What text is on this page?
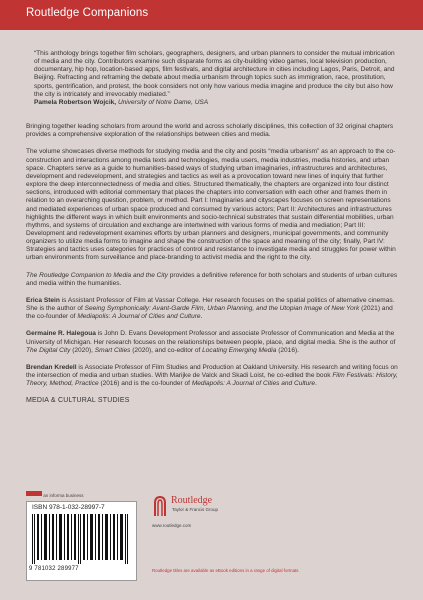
Routledge Companions

“This anthology brings together film scholars, geographers, designers, and urban planners to consider the mutual imbrication of media and the city. Contributors examine such disparate forms as city-building video games, local television production, documentary, hip hop, location-based apps, film festivals, and digital architecture in cities including Lagos, Paris, Detroit, and Beijing. Refracting and reframing the debate about media urbanism through topics such as immigration, race, prostitution, sports, gentrification, and protest, the book considers not only how various media imagine and produce the city but also how the city is intricately and irrevocably mediated.”

Pamela Robertson Wojcik, University of Notre Dame, USA

Bringing together leading scholars from around the world and across scholarly disciplines, this collection of 32 original chapters provides a comprehensive exploration of the relationships between cities and media.

The volume showcases diverse methods for studying media and the city and posits “media urbanism” as an approach to the co-construction and interactions among media texts and technologies, media users, media industries, media histories, and urban space. Chapters serve as a guide to humanities-based ways of studying urban imaginaries, infrastructures and architectures, development and redevelopment, and strategies and tactics as well as a provocation toward new lines of inquiry that further explore the deep interconnectedness of media and cities. Structured thematically, the chapters are organized into four distinct sections, introduced with editorial commentary that places the chapters into conversation with each other and frames them in relation to an overarching question, problem, or method. Part I: Imaginaries and cityscapes focuses on screen representations and mediated experiences of urban space produced and consumed by various actors; Part II: Architectures and infrastructures highlights the different ways in which built environments and socio-technical substrates that sustain differential mobilities, urban rhythms, and systems of circulation and exchange are intertwined with various forms of media and mediation; Part III: Development and redevelopment examines efforts by urban planners and designers, municipal governments, and community organizers to utilize media forms to imagine and shape the construction of the space and meaning of the city; finally, Part IV: Strategies and tactics uses categories for practices of control and resistance to investigate media and struggles for power within urban environments from surveillance and place-branding to activist media and the right to the city.

The Routledge Companion to Media and the City provides a definitive reference for both scholars and students of urban cultures and media within the humanities.

Erica Stein is Assistant Professor of Film at Vassar College. Her research focuses on the spatial politics of alternative cinemas. She is the author of Seeing Symphonically: Avant-Garde Film, Urban Planning, and the Utopian Image of New York (2021) and the co-founder of Mediapolis: A Journal of Cities and Culture.

Germaine R. Halegoua is John D. Evans Development Professor and associate Professor of Communication and Media at the University of Michigan. Her research focuses on the relationships between people, place, and digital media. She is the author of The Digital City (2020), Smart Cities (2020), and co-editor of Locating Emerging Media (2016).

Brendan Kredell is Associate Professor of Film Studies and Production at Oakland University. His research and writing focus on the intersection of media and urban studies. With Marijke de Valck and Skadi Loist, he co-edited the book Film Festivals: History, Theory, Method, Practice (2016) and is the co-founder of Mediapolis: A Journal of Cities and Culture.

MEDIA & CULTURAL STUDIES

an informa business
ISBN 978-1-032-28997-7
9 781032 289977
Routledge
Taylor & Francis Group
www.routledge.com
Routledge titles are available as eBook editions in a range of digital formats
